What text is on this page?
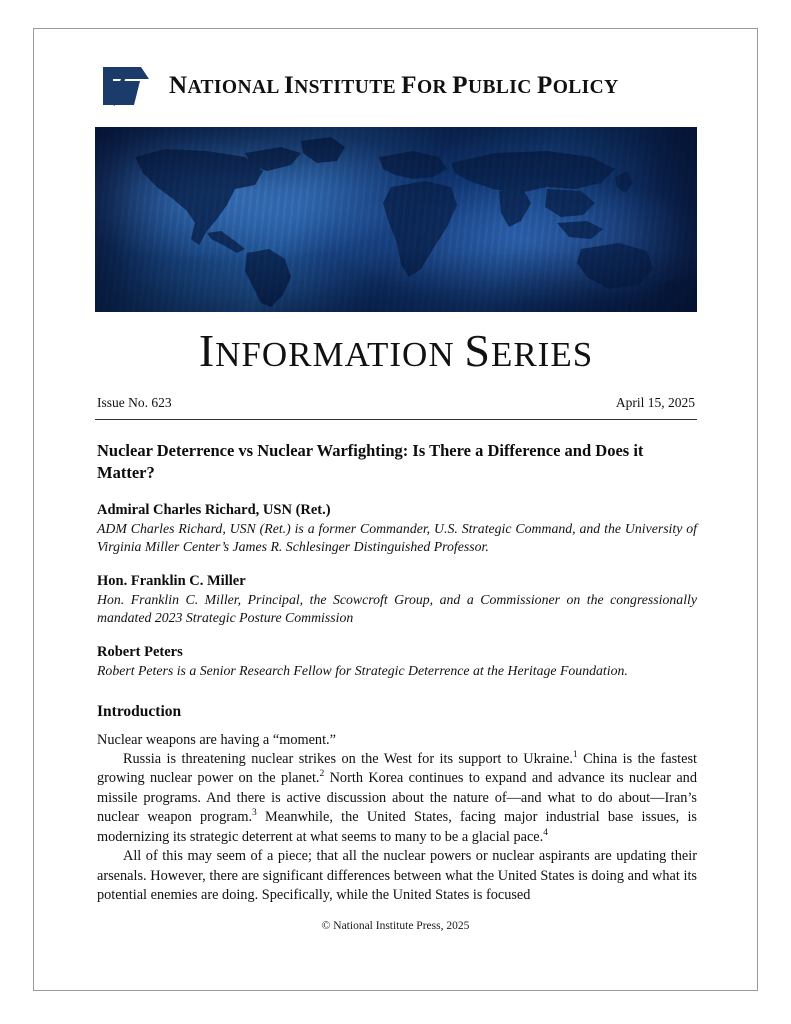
NATIONAL INSTITUTE FOR PUBLIC POLICY
INFORMATION SERIES
Issue No. 623	April 15, 2025
Nuclear Deterrence vs Nuclear Warfighting: Is There a Difference and Does it Matter?
Admiral Charles Richard, USN (Ret.)
ADM Charles Richard, USN (Ret.) is a former Commander, U.S. Strategic Command, and the University of Virginia Miller Center’s James R. Schlesinger Distinguished Professor.
Hon. Franklin C. Miller
Hon. Franklin C. Miller, Principal, the Scowcroft Group, and a Commissioner on the congressionally mandated 2023 Strategic Posture Commission
Robert Peters
Robert Peters is a Senior Research Fellow for Strategic Deterrence at the Heritage Foundation.
Introduction

Nuclear weapons are having a “moment.”

Russia is threatening nuclear strikes on the West for its support to Ukraine.$^1$ China is the fastest growing nuclear power on the planet.$^2$ North Korea continues to expand and advance its nuclear and missile programs. And there is active discussion about the nature of—and what to do about—Iran’s nuclear weapon program.$^3$ Meanwhile, the United States, facing major industrial base issues, is modernizing its strategic deterrent at what seems to many to be a glacial pace.$^4$

All of this may seem of a piece; that all the nuclear powers or nuclear aspirants are updating their arsenals. However, there are significant differences between what the United States is doing and what its potential enemies are doing. Specifically, while the United States is focused

© National Institute Press, 2025
